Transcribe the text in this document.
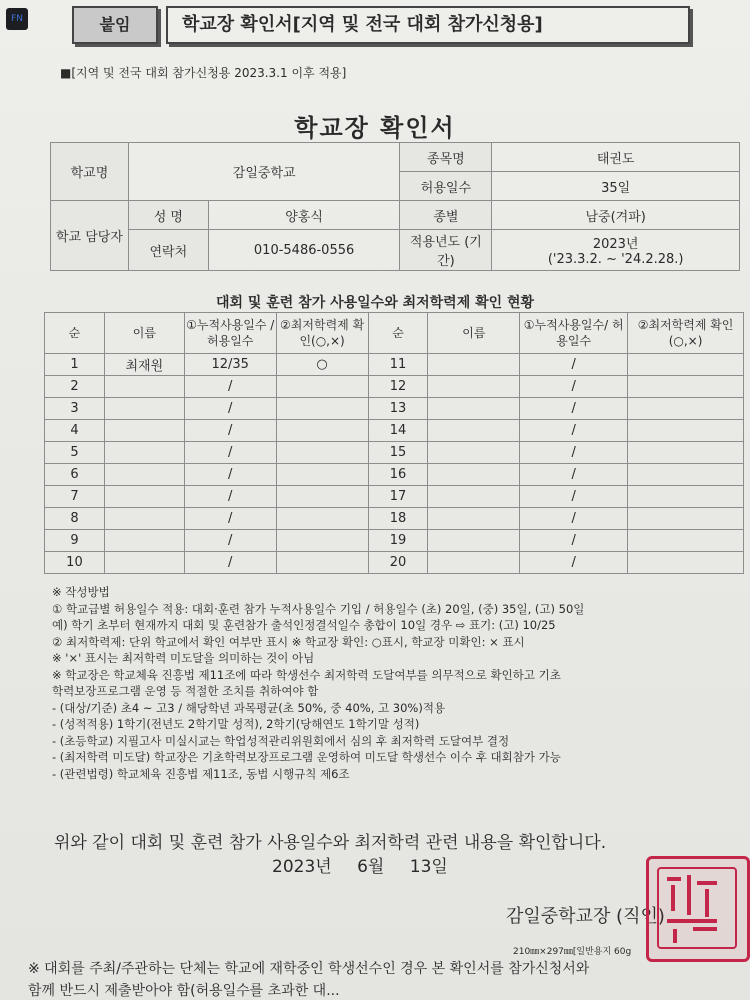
붙임	학교장 확인서[지역 및 전국 대회 참가신청용]
■[지역 및 전국 대회 참가신청용 2023.3.1 이후 적용]
학교장 확인서
학교명	감일중학교		종목명	태권도
			허용일수	35일
학교 담당자	성 명	양홍식	종별	남중(겨파)
	연락처	010-5486-0556	적용년도 (기간)	2023년
('23.3.2. ~ '24.2.28.)
대회 및 훈련 참가 사용일수와 최저학력제 확인 현황
순	이름	①누적사용일수 /허용일수	②최저학력제 확인(○,×)	순	이름	①누적사용일수/ 허용일수	②최저학력제 확인(○,×)
1	최재원	12/35	○	11		/	
2		/		12		/	
3		/		13		/	
4		/		14		/	
5		/		15		/	
6		/		16		/	
7		/		17		/	
8		/		18		/	
9		/		19		/	
10		/		20		/	
※ 작성방법
① 학교급별 허용일수 적용: 대회·훈련 참가 누적사용일수 기입 / 허용일수 (초) 20일, (중) 35일, (고) 50일
예) 학기 초부터 현재까지 대회 및 훈련참가 출석인정결석일수 총합이 10일 경우 ⇨ 표기: (고) 10/25
② 최저학력제: 단위 학교에서 확인 여부만 표시 ※ 학교장 확인: ○표시, 학교장 미확인: × 표시
※ '×' 표시는 최저학력 미도달을 의미하는 것이 아님
※ 학교장은 학교체육 진흥법 제11조에 따라 학생선수 최저학력 도달여부를 의무적으로 확인하고 기초
학력보장프로그램 운영 등 적절한 조치를 취하여야 함
- (대상/기준) 초4 ~ 고3 / 해당학년 과목평균(초 50%, 중 40%, 고 30%)적용
- (성적적용) 1학기(전년도 2학기말 성적), 2학기(당해연도 1학기말 성적)
- (초등학교) 지필고사 미실시교는 학업성적관리위원회에서 심의 후 최저학력 도달여부 결정
- (최저학력 미도달) 학교장은 기초학력보장프로그램 운영하여 미도달 학생선수 이수 후 대회참가 가능
- (관련법령) 학교체육 진흥법 제11조, 동법 시행규칙 제6조
위와 같이 대회 및 훈련 참가 사용일수와 최저학력 관련 내용을 확인합니다.
2023년 6월 13일
감일중학교장 (직인)
210㎜×297㎜[일반용지 60g
※ 대회를 주최/주관하는 단체는 학교에 재학중인 학생선수인 경우 본 확인서를 참가신청서와
함께 반드시 제출받아야 함(허용일수를 초과한 대...
FN
